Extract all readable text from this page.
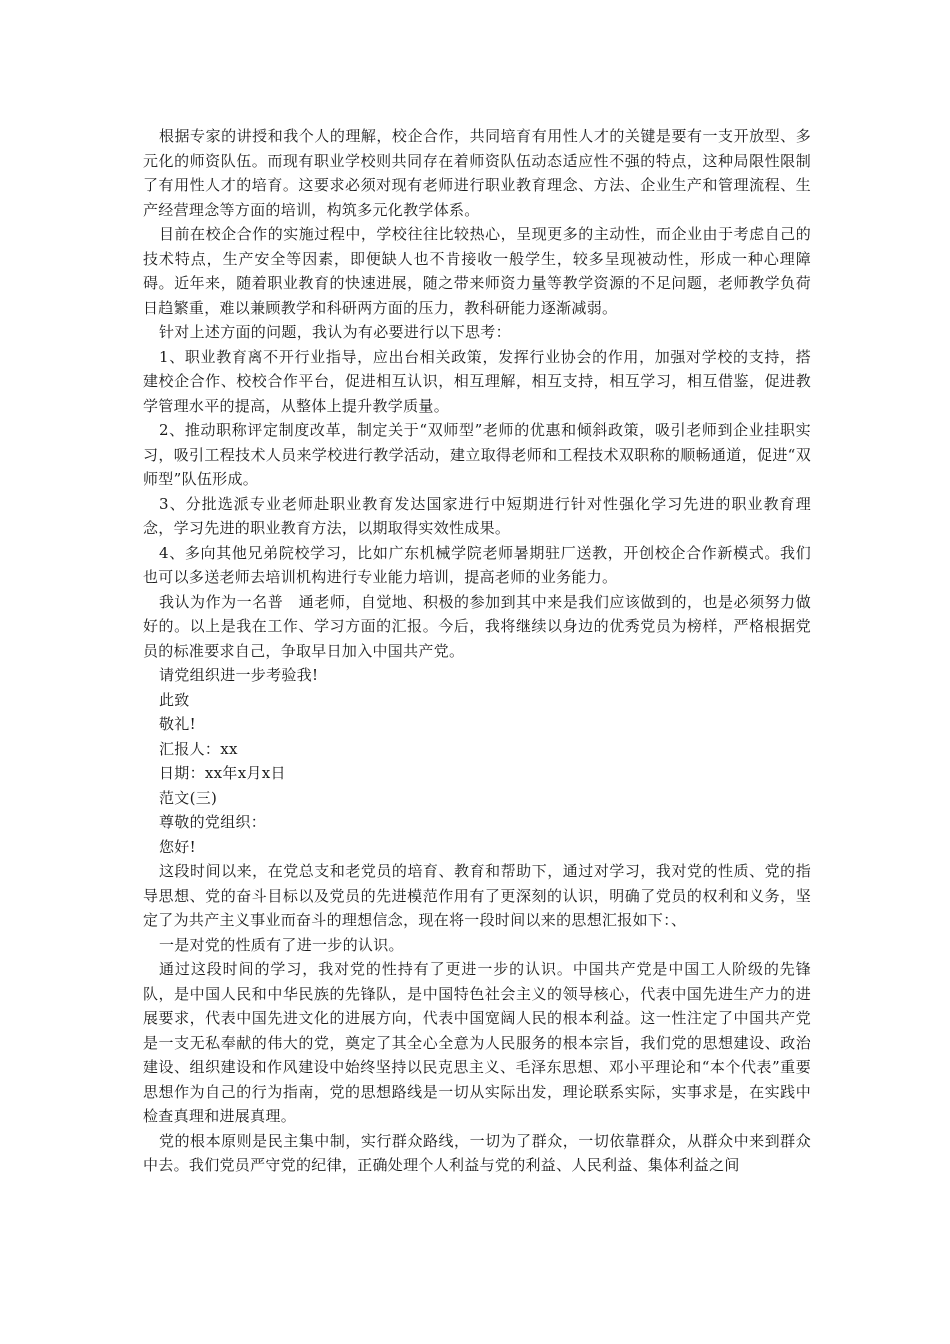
根据专家的讲授和我个人的理解，校企合作，共同培育有用性人才的关键是要有一支开放型、多元化的师资队伍。而现有职业学校则共同存在着师资队伍动态适应性不强的特点，这种局限性限制了有用性人才的培育。这要求必须对现有老师进行职业教育理念、方法、企业生产和管理流程、生产经营理念等方面的培训，构筑多元化教学体系。

目前在校企合作的实施过程中，学校往往比较热心，呈现更多的主动性，而企业由于考虑自己的技术特点，生产安全等因素，即便缺人也不肯接收一般学生，较多呈现被动性，形成一种心理障碍。近年来，随着职业教育的快速进展，随之带来师资力量等教学资源的不足问题，老师教学负荷日趋繁重，难以兼顾教学和科研两方面的压力，教科研能力逐渐减弱。

针对上述方面的问题，我认为有必要进行以下思考：

1、职业教育离不开行业指导，应出台相关政策，发挥行业协会的作用，加强对学校的支持，搭建校企合作、校校合作平台，促进相互认识，相互理解，相互支持，相互学习，相互借鉴，促进教学管理水平的提高，从整体上提升教学质量。

2、推动职称评定制度改革，制定关于“双师型”老师的优惠和倾斜政策，吸引老师到企业挂职实习，吸引工程技术人员来学校进行教学活动，建立取得老师和工程技术双职称的顺畅通道，促进“双师型”队伍形成。

3、分批选派专业老师赴职业教育发达国家进行中短期进行针对性强化学习先进的职业教育理念，学习先进的职业教育方法，以期取得实效性成果。

4、多向其他兄弟院校学习，比如广东机械学院老师暑期驻厂送教，开创校企合作新模式。我们也可以多送老师去培训机构进行专业能力培训，提高老师的业务能力。

我认为作为一名普　通老师，自觉地、积极的参加到其中来是我们应该做到的，也是必须努力做好的。以上是我在工作、学习方面的汇报。今后，我将继续以身边的优秀党员为榜样，严格根据党员的标准要求自己，争取早日加入中国共产党。

请党组织进一步考验我!

此致

敬礼!

汇报人：xx

日期：xx年x月x日

范文(三)

尊敬的党组织：

您好!

这段时间以来，在党总支和老党员的培育、教育和帮助下，通过对学习，我对党的性质、党的指导思想、党的奋斗目标以及党员的先进模范作用有了更深刻的认识，明确了党员的权利和义务，坚定了为共产主义事业而奋斗的理想信念，现在将一段时间以来的思想汇报如下：、

一是对党的性质有了进一步的认识。

通过这段时间的学习，我对党的性持有了更进一步的认识。中国共产党是中国工人阶级的先锋队，是中国人民和中华民族的先锋队，是中国特色社会主义的领导核心，代表中国先进生产力的进展要求，代表中国先进文化的进展方向，代表中国宽阔人民的根本利益。这一性注定了中国共产党是一支无私奉献的伟大的党，奠定了其全心全意为人民服务的根本宗旨，我们党的思想建设、政治建设、组织建设和作风建设中始终坚持以民克思主义、毛泽东思想、邓小平理论和“本个代表”重要思想作为自己的行为指南，党的思想路线是一切从实际出发，理论联系实际，实事求是，在实践中检查真理和进展真理。

党的根本原则是民主集中制，实行群众路线，一切为了群众，一切依靠群众，从群众中来到群众中去。我们党员严守党的纪律，正确处理个人利益与党的利益、人民利益、集体利益之间
